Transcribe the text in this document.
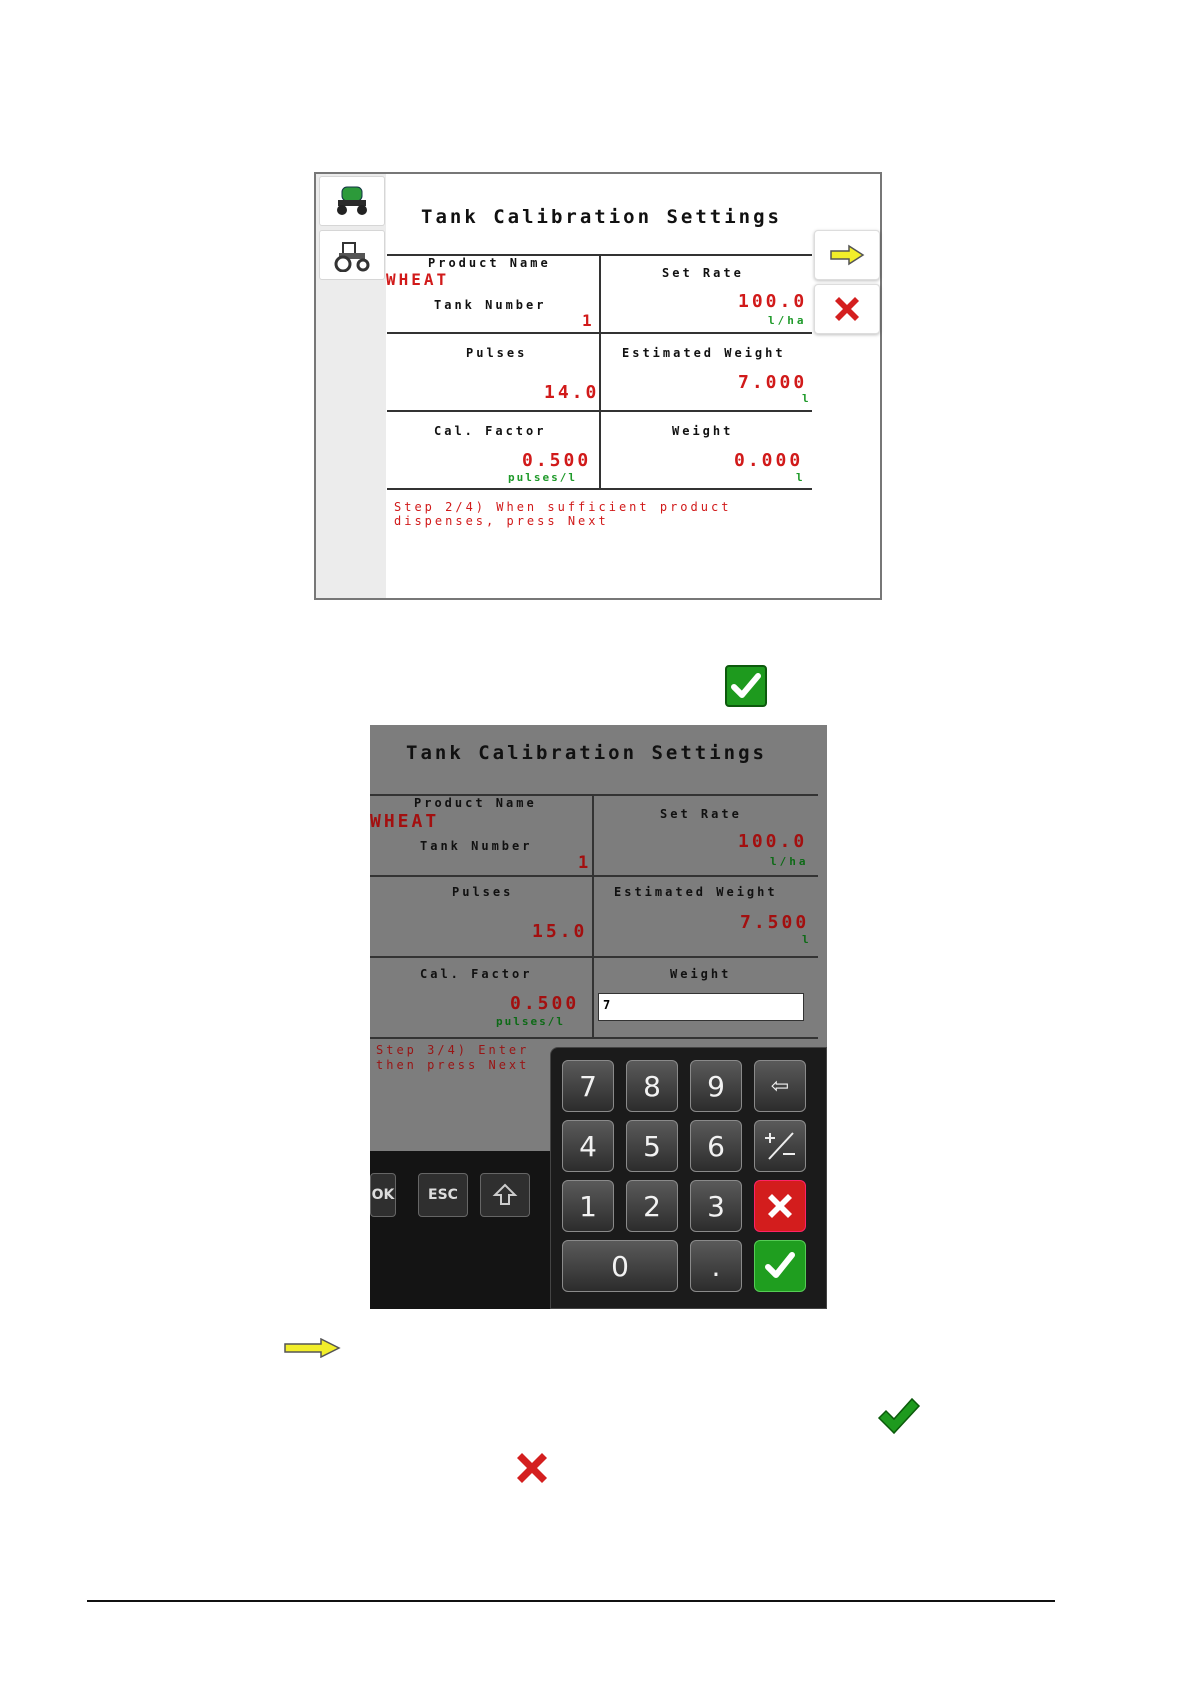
Tank Calibration Settings
Product Name
WHEAT
Tank Number
1
Set Rate
100.0
l/ha
Pulses
14.0
Estimated Weight
7.000
l
Cal. Factor
0.500
pulses/l
Weight
0.000
l
Step 2/4) When sufficient product
dispenses, press Next
Tank Calibration Settings
Product Name
WHEAT
Tank Number
1
Set Rate
100.0
l/ha
Pulses
15.0
Estimated Weight
7.500
l
Cal. Factor
0.500
pulses/l
Weight
7
Step 3/4) Enter
then press Next
OK	ESC
7	8	9	⇦
4	5	6
1	2	3
0	.
